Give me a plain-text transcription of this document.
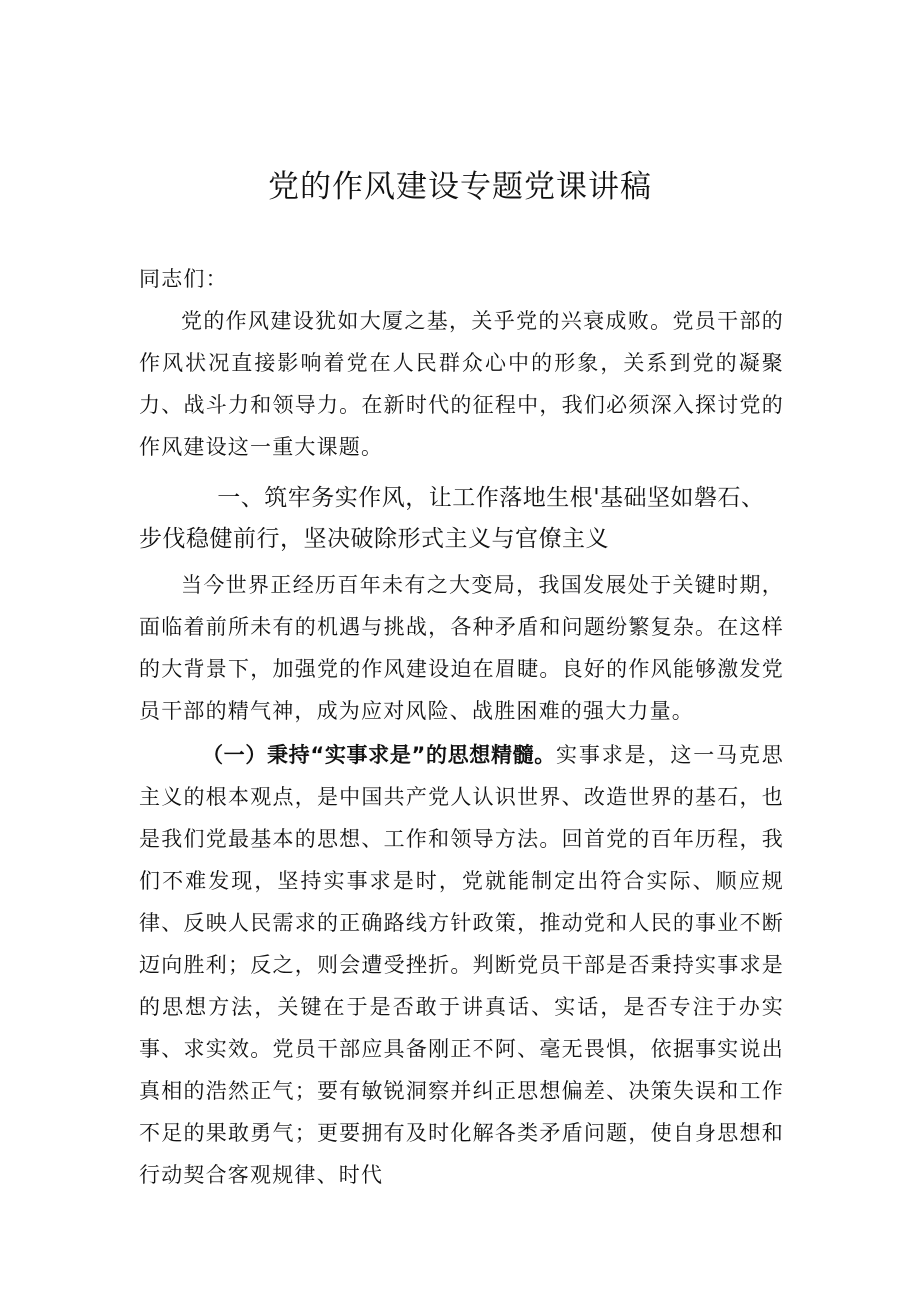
党的作风建设专题党课讲稿

同志们：

党的作风建设犹如大厦之基，关乎党的兴衰成败。党员干部的作风状况直接影响着党在人民群众心中的形象，关系到党的凝聚力、战斗力和领导力。在新时代的征程中，我们必须深入探讨党的作风建设这一重大课题。

一、筑牢务实作风，让工作落地生根'基础坚如磐石、步伐稳健前行，坚决破除形式主义与官僚主义

当今世界正经历百年未有之大变局，我国发展处于关键时期，面临着前所未有的机遇与挑战，各种矛盾和问题纷繁复杂。在这样的大背景下，加强党的作风建设迫在眉睫。良好的作风能够激发党员干部的精气神，成为应对风险、战胜困难的强大力量。

（一）秉持“实事求是”的思想精髓。实事求是，这一马克思主义的根本观点，是中国共产党人认识世界、改造世界的基石，也是我们党最基本的思想、工作和领导方法。回首党的百年历程，我们不难发现，坚持实事求是时，党就能制定出符合实际、顺应规律、反映人民需求的正确路线方针政策，推动党和人民的事业不断迈向胜利；反之，则会遭受挫折。判断党员干部是否秉持实事求是的思想方法，关键在于是否敢于讲真话、实话，是否专注于办实事、求实效。党员干部应具备刚正不阿、毫无畏惧，依据事实说出真相的浩然正气；要有敏锐洞察并纠正思想偏差、决策失误和工作不足的果敢勇气；更要拥有及时化解各类矛盾问题，使自身思想和行动契合客观规律、时代
